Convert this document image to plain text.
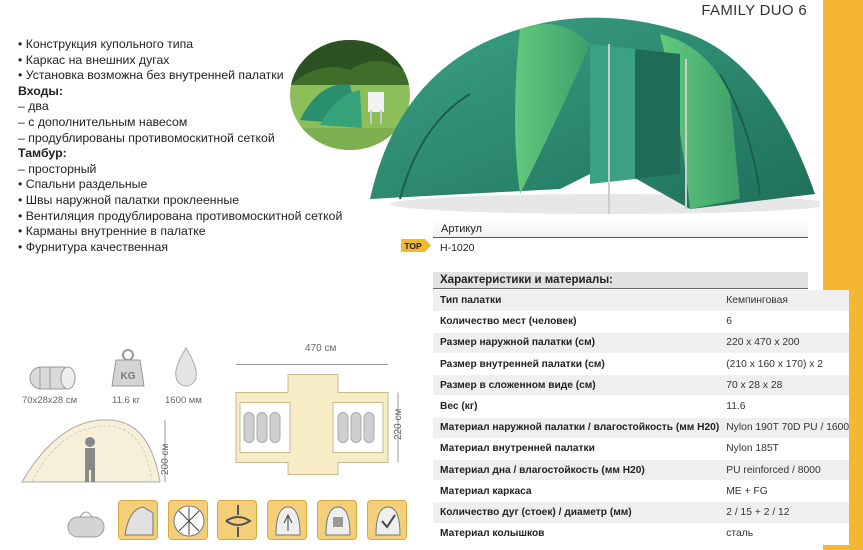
FAMILY DUO 6
• Конструкция купольного типа
• Каркас на внешних дугах
• Установка возможна без внутренней палатки
Входы:
– два
– с дополнительным навесом
– продублированы противомоскитной сеткой
Тамбур:
– просторный
• Спальни раздельные
• Швы наружной палатки проклеенные
• Вентиляция продублирована противомоскитной сеткой
• Карманы внутренние в палатке
• Фурнитура качественная
Артикул
TOP H-1020
Характеристики и материалы:
Тип палатки	Кемпинговая
Количество мест (человек)	6
Размер наружной палатки (см)	220 x 470 x 200
Размер внутренней палатки (см)	(210 x 160 x 170) x 2
Размер в сложенном виде (см)	70 x 28 x 28
Вес (кг)	11.6
Материал наружной палатки / влагостойкость (мм H20)	Nylon 190T 70D PU / 1600
Материал внутренней палатки	Nylon 185T
Материал дна / влагостойкость (мм H20)	PU reinforced / 8000
Материал каркаса	ME + FG
Количество дуг (стоек) / диаметр (мм)	2 / 15 + 2 / 12
Материал колышков	сталь
70x28x28 см
KG
11.6 кг	1600 мм
200 см
470 см
220 см
